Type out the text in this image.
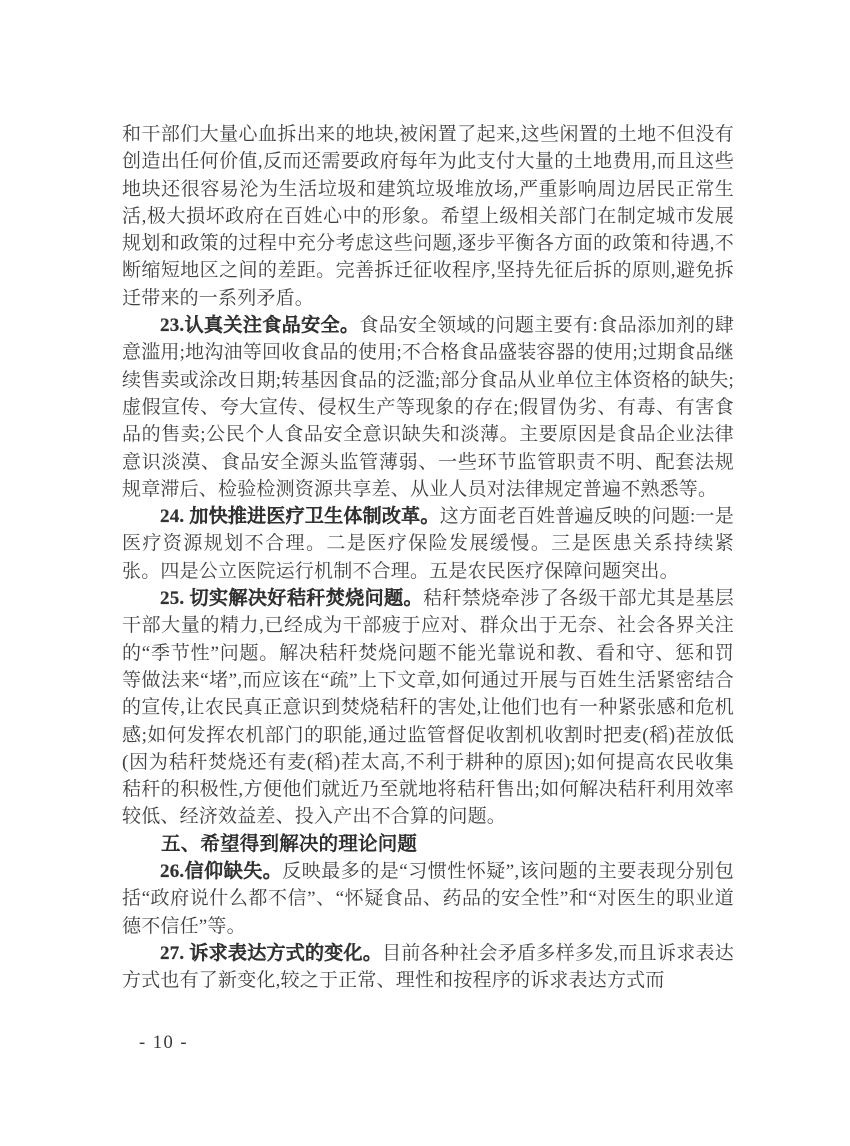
和干部们大量心血拆出来的地块,被闲置了起来,这些闲置的土地不但没有创造出任何价值,反而还需要政府每年为此支付大量的土地费用,而且这些地块还很容易沦为生活垃圾和建筑垃圾堆放场,严重影响周边居民正常生活,极大损坏政府在百姓心中的形象。希望上级相关部门在制定城市发展规划和政策的过程中充分考虑这些问题,逐步平衡各方面的政策和待遇,不断缩短地区之间的差距。完善拆迁征收程序,坚持先征后拆的原则,避免拆迁带来的一系列矛盾。

23.认真关注食品安全。食品安全领域的问题主要有:食品添加剂的肆意滥用;地沟油等回收食品的使用;不合格食品盛装容器的使用;过期食品继续售卖或涂改日期;转基因食品的泛滥;部分食品从业单位主体资格的缺失;虚假宣传、夸大宣传、侵权生产等现象的存在;假冒伪劣、有毒、有害食品的售卖;公民个人食品安全意识缺失和淡薄。主要原因是食品企业法律意识淡漠、食品安全源头监管薄弱、一些环节监管职责不明、配套法规规章滞后、检验检测资源共享差、从业人员对法律规定普遍不熟悉等。

24. 加快推进医疗卫生体制改革。这方面老百姓普遍反映的问题:一是医疗资源规划不合理。二是医疗保险发展缓慢。三是医患关系持续紧张。四是公立医院运行机制不合理。五是农民医疗保障问题突出。

25. 切实解决好秸秆焚烧问题。秸秆禁烧牵涉了各级干部尤其是基层干部大量的精力,已经成为干部疲于应对、群众出于无奈、社会各界关注的“季节性”问题。解决秸秆焚烧问题不能光靠说和教、看和守、惩和罚等做法来“堵”,而应该在“疏”上下文章,如何通过开展与百姓生活紧密结合的宣传,让农民真正意识到焚烧秸秆的害处,让他们也有一种紧张感和危机感;如何发挥农机部门的职能,通过监管督促收割机收割时把麦(稻)茬放低(因为秸秆焚烧还有麦(稻)茬太高,不利于耕种的原因);如何提高农民收集秸秆的积极性,方便他们就近乃至就地将秸秆售出;如何解决秸秆利用效率较低、经济效益差、投入产出不合算的问题。

五、希望得到解决的理论问题

26.信仰缺失。反映最多的是“习惯性怀疑”,该问题的主要表现分别包括“政府说什么都不信”、“怀疑食品、药品的安全性”和“对医生的职业道德不信任”等。

27. 诉求表达方式的变化。目前各种社会矛盾多样多发,而且诉求表达方式也有了新变化,较之于正常、理性和按程序的诉求表达方式而

- 10 -
